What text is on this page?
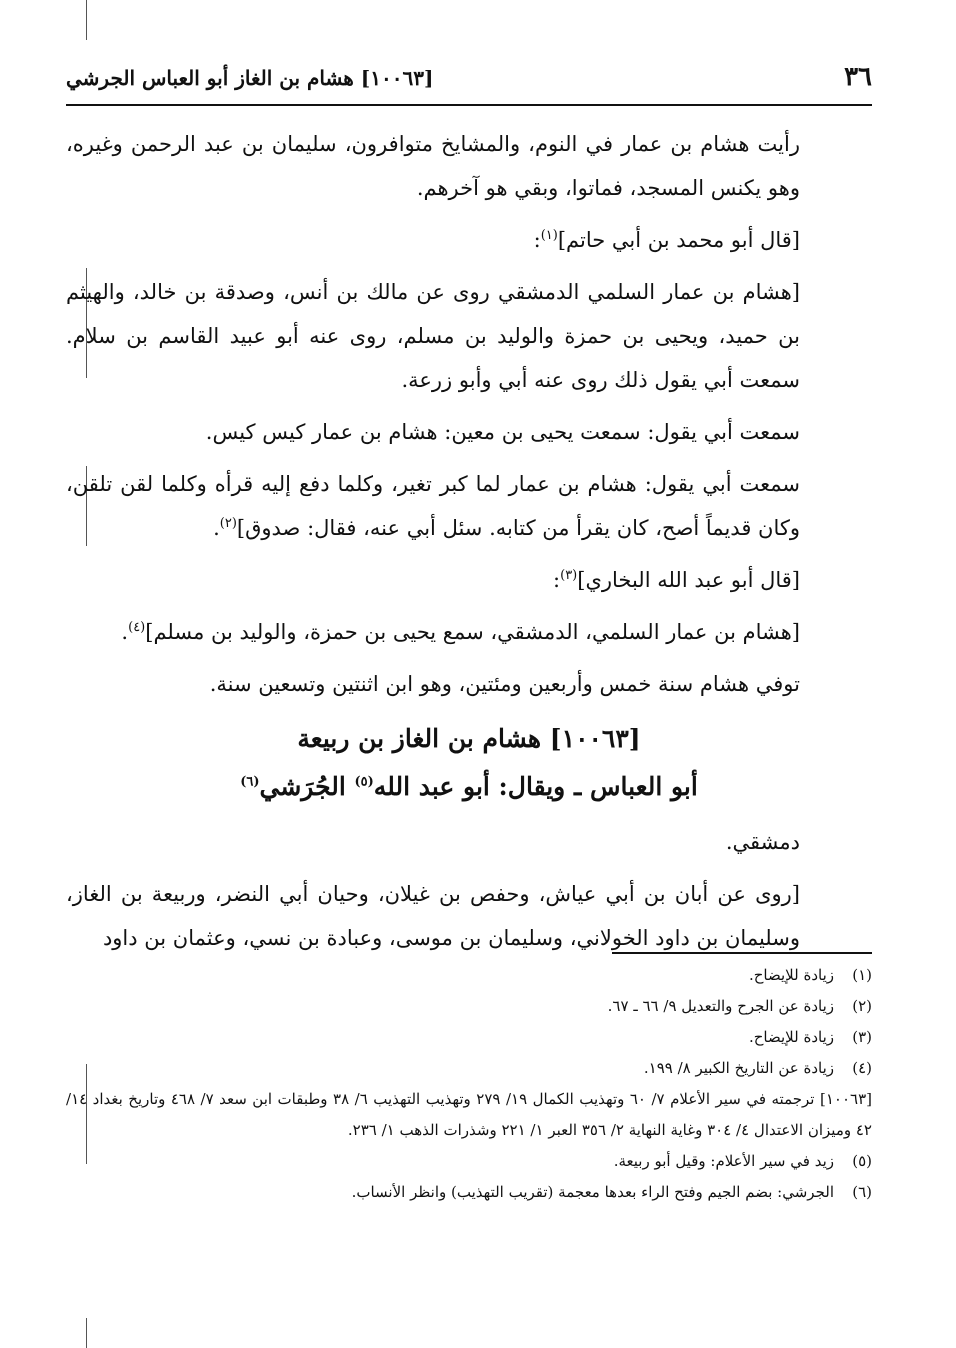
٣٦
[١٠٠٦٣] هشام بن الغاز أبو العباس الجرشي

رأيت هشام بن عمار في النوم، والمشايخ متوافرون، سليمان بن عبد الرحمن وغيره، وهو يكنس المسجد، فماتوا، وبقي هو آخرهم.

[قال أبو محمد بن أبي حاتم]$^{(١)}$:

[هشام بن عمار السلمي الدمشقي روى عن مالك بن أنس، وصدقة بن خالد، والهيثم بن حميد، ويحيى بن حمزة والوليد بن مسلم، روى عنه أبو عبيد القاسم بن سلام. سمعت أبي يقول ذلك روى عنه أبي وأبو زرعة.

سمعت أبي يقول: سمعت يحيى بن معين: هشام بن عمار كيس كيس.

سمعت أبي يقول: هشام بن عمار لما كبر تغير، وكلما دفع إليه قرأه وكلما لقن تلقن، وكان قديماً أصح، كان يقرأ من كتابه. سئل أبي عنه، فقال: صدوق]$^{(٢)}$.

[قال أبو عبد الله البخاري]$^{(٣)}$:

[هشام بن عمار السلمي، الدمشقي، سمع يحيى بن حمزة، والوليد بن مسلم]$^{(٤)}$.

توفي هشام سنة خمس وأربعين ومئتين، وهو ابن اثنتين وتسعين سنة.

[١٠٠٦٣] هشام بن الغاز بن ربيعة
أبو العباس ـ ويقال: أبو عبد الله$^{(٥)}$ الجُرَشي$^{(٦)}$

دمشقي.

[روى عن أبان بن أبي عياش، وحفص بن غيلان، وحيان أبي النضر، وربيعة بن الغاز، وسليمان بن داود الخولاني، وسليمان بن موسى، وعبادة بن نسي، وعثمان بن داود

(١)
زيادة للإيضاح.
(٢)
زيادة عن الجرح والتعديل ٩/ ٦٦ ـ ٦٧.
(٣)
زيادة للإيضاح.
(٤)
زيادة عن التاريخ الكبير ٨/ ١٩٩.
[١٠٠٦٣] ترجمته في سير الأعلام ٧/ ٦٠ وتهذيب الكمال ١٩/ ٢٧٩ وتهذيب التهذيب ٦/ ٣٨ وطبقات ابن سعد ٧/ ٤٦٨ وتاريخ بغداد ١٤/ ٤٢ وميزان الاعتدال ٤/ ٣٠٤ وغاية النهاية ٢/ ٣٥٦ العبر ١/ ٢٢١ وشذرات الذهب ١/ ٢٣٦.
(٥)
زيد في سير الأعلام: وقيل أبو ربيعة.
(٦)
الجرشي: بضم الجيم وفتح الراء بعدها معجمة (تقريب التهذيب) وانظر الأنساب.
